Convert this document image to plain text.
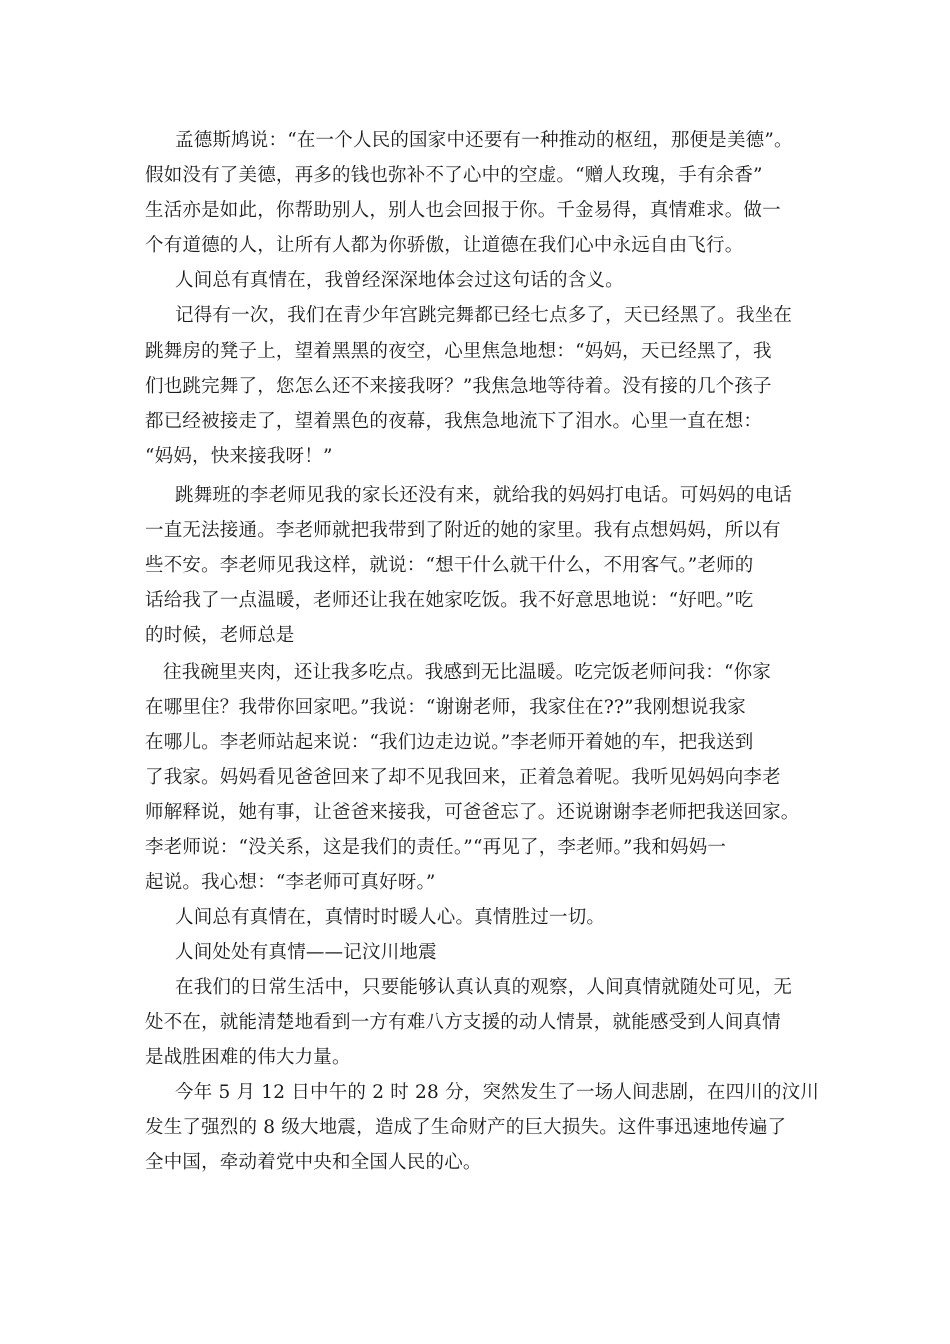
孟德斯鸠说：“在一个人民的国家中还要有一种推动的枢纽，那便是美德”。

假如没有了美德，再多的钱也弥补不了心中的空虚。“赠人玫瑰，手有余香”

生活亦是如此，你帮助别人，别人也会回报于你。千金易得，真情难求。做一

个有道德的人，让所有人都为你骄傲，让道德在我们心中永远自由飞行。

人间总有真情在，我曾经深深地体会过这句话的含义。

记得有一次，我们在青少年宫跳完舞都已经七点多了，天已经黑了。我坐在

跳舞房的凳子上，望着黑黑的夜空，心里焦急地想：“妈妈，天已经黑了，我

们也跳完舞了，您怎么还不来接我呀？”我焦急地等待着。没有接的几个孩子

都已经被接走了，望着黑色的夜幕，我焦急地流下了泪水。心里一直在想：

“妈妈，快来接我呀！”

跳舞班的李老师见我的家长还没有来，就给我的妈妈打电话。可妈妈的电话

一直无法接通。李老师就把我带到了附近的她的家里。我有点想妈妈，所以有

些不安。李老师见我这样，就说：“想干什么就干什么，不用客气。”老师的

话给我了一点温暖，老师还让我在她家吃饭。我不好意思地说：“好吧。”吃

的时候，老师总是

往我碗里夹肉，还让我多吃点。我感到无比温暖。吃完饭老师问我：“你家

在哪里住？我带你回家吧。”我说：“谢谢老师，我家住在??”我刚想说我家

在哪儿。李老师站起来说：“我们边走边说。”李老师开着她的车，把我送到

了我家。妈妈看见爸爸回来了却不见我回来，正着急着呢。我听见妈妈向李老

师解释说，她有事，让爸爸来接我，可爸爸忘了。还说谢谢李老师把我送回家。

李老师说：“没关系，这是我们的责任。”“再见了，李老师。”我和妈妈一

起说。我心想：“李老师可真好呀。”

人间总有真情在，真情时时暖人心。真情胜过一切。

人间处处有真情——记汶川地震

在我们的日常生活中，只要能够认真认真的观察，人间真情就随处可见，无

处不在，就能清楚地看到一方有难八方支援的动人情景，就能感受到人间真情

是战胜困难的伟大力量。

今年 5 月 12 日中午的 2 时 28 分，突然发生了一场人间悲剧，在四川的汶川

发生了强烈的 8 级大地震，造成了生命财产的巨大损失。这件事迅速地传遍了

全中国，牵动着党中央和全国人民的心。
